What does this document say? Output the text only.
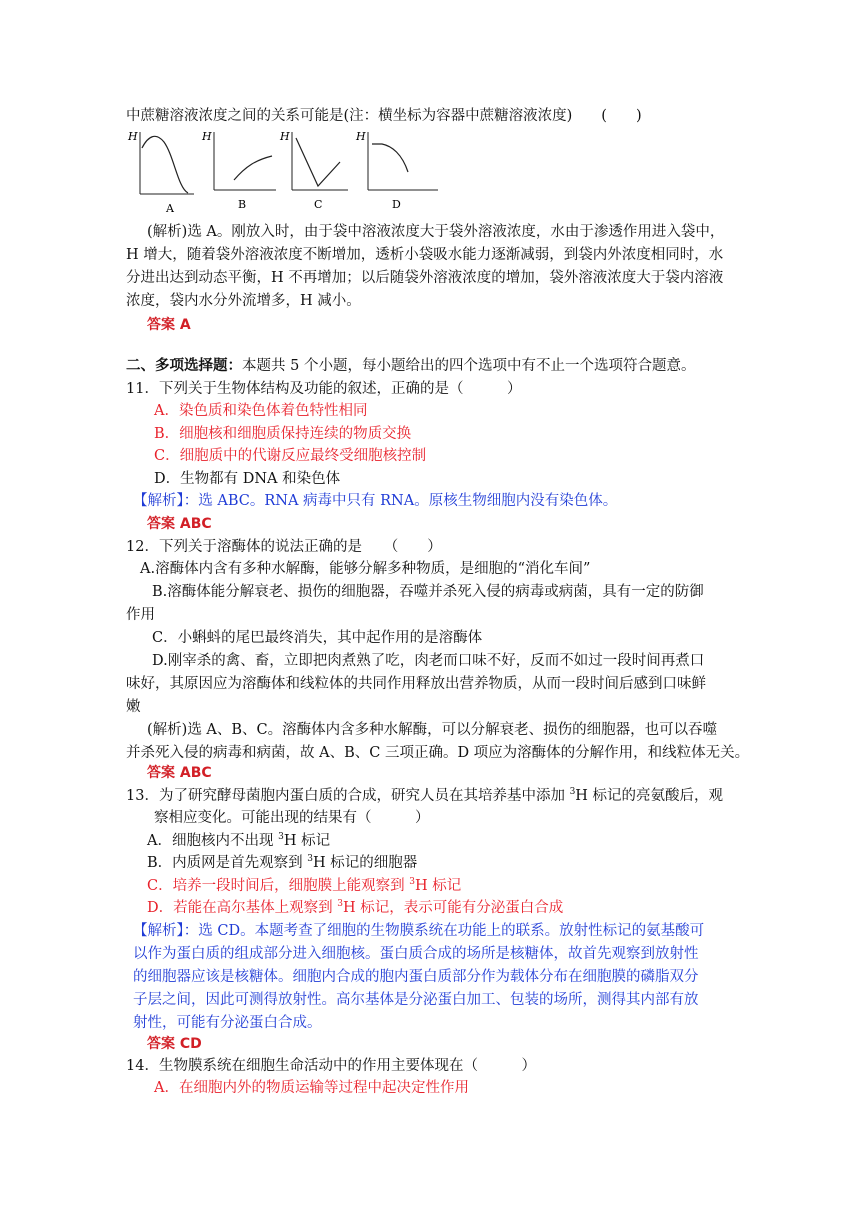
中蔗糖溶液浓度之间的关系可能是(注：横坐标为容器中蔗糖溶液浓度)　　(　　)
H
A
H
B
H
C
H
D
(解析)选 A。刚放入时，由于袋中溶液浓度大于袋外溶液浓度，水由于渗透作用进入袋中，
H 增大，随着袋外溶液浓度不断增加，透析小袋吸水能力逐渐减弱，到袋内外浓度相同时，水
分进出达到动态平衡，H 不再增加；以后随袋外溶液浓度的增加，袋外溶液浓度大于袋内溶液
浓度，袋内水分外流增多，H 减小。
答案 A
二、多项选择题：本题共 5 个小题，每小题给出的四个选项中有不止一个选项符合题意。
11．下列关于生物体结构及功能的叙述，正确的是（　　　）
A．染色质和染色体着色特性相同
B．细胞核和细胞质保持连续的物质交换
C．细胞质中的代谢反应最终受细胞核控制
D．生物都有 DNA 和染色体
【解析】：选 ABC。RNA 病毒中只有 RNA。原核生物细胞内没有染色体。
答案 ABC
12．下列关于溶酶体的说法正确的是　　（　　）
A.溶酶体内含有多种水解酶，能够分解多种物质，是细胞的“消化车间”
B.溶酶体能分解衰老、损伤的细胞器，吞噬并杀死入侵的病毒或病菌，具有一定的防御
作用
C．小蝌蚪的尾巴最终消失，其中起作用的是溶酶体
D.刚宰杀的禽、畜，立即把肉煮熟了吃，肉老而口味不好，反而不如过一段时间再煮口
味好，其原因应为溶酶体和线粒体的共同作用释放出营养物质，从而一段时间后感到口味鲜
嫩
(解析)选 A、B、C。溶酶体内含多种水解酶，可以分解衰老、损伤的细胞器，也可以吞噬
并杀死入侵的病毒和病菌，故 A、B、C 三项正确。D 项应为溶酶体的分解作用，和线粒体无关。
答案 ABC
13．为了研究酵母菌胞内蛋白质的合成，研究人员在其培养基中添加 $^3$H 标记的亮氨酸后，观
察相应变化。可能出现的结果有（　　　）
A．细胞核内不出现 $^3$H 标记
B．内质网是首先观察到 $^3$H 标记的细胞器
C．培养一段时间后，细胞膜上能观察到 $^3$H 标记
D．若能在高尔基体上观察到 $^3$H 标记，表示可能有分泌蛋白合成
【解析】：选 CD。本题考查了细胞的生物膜系统在功能上的联系。放射性标记的氨基酸可
以作为蛋白质的组成部分进入细胞核。蛋白质合成的场所是核糖体，故首先观察到放射性
的细胞器应该是核糖体。细胞内合成的胞内蛋白质部分作为载体分布在细胞膜的磷脂双分
子层之间，因此可测得放射性。高尔基体是分泌蛋白加工、包装的场所，测得其内部有放
射性，可能有分泌蛋白合成。
答案 CD
14．生物膜系统在细胞生命活动中的作用主要体现在（　　　）
A．在细胞内外的物质运输等过程中起决定性作用
